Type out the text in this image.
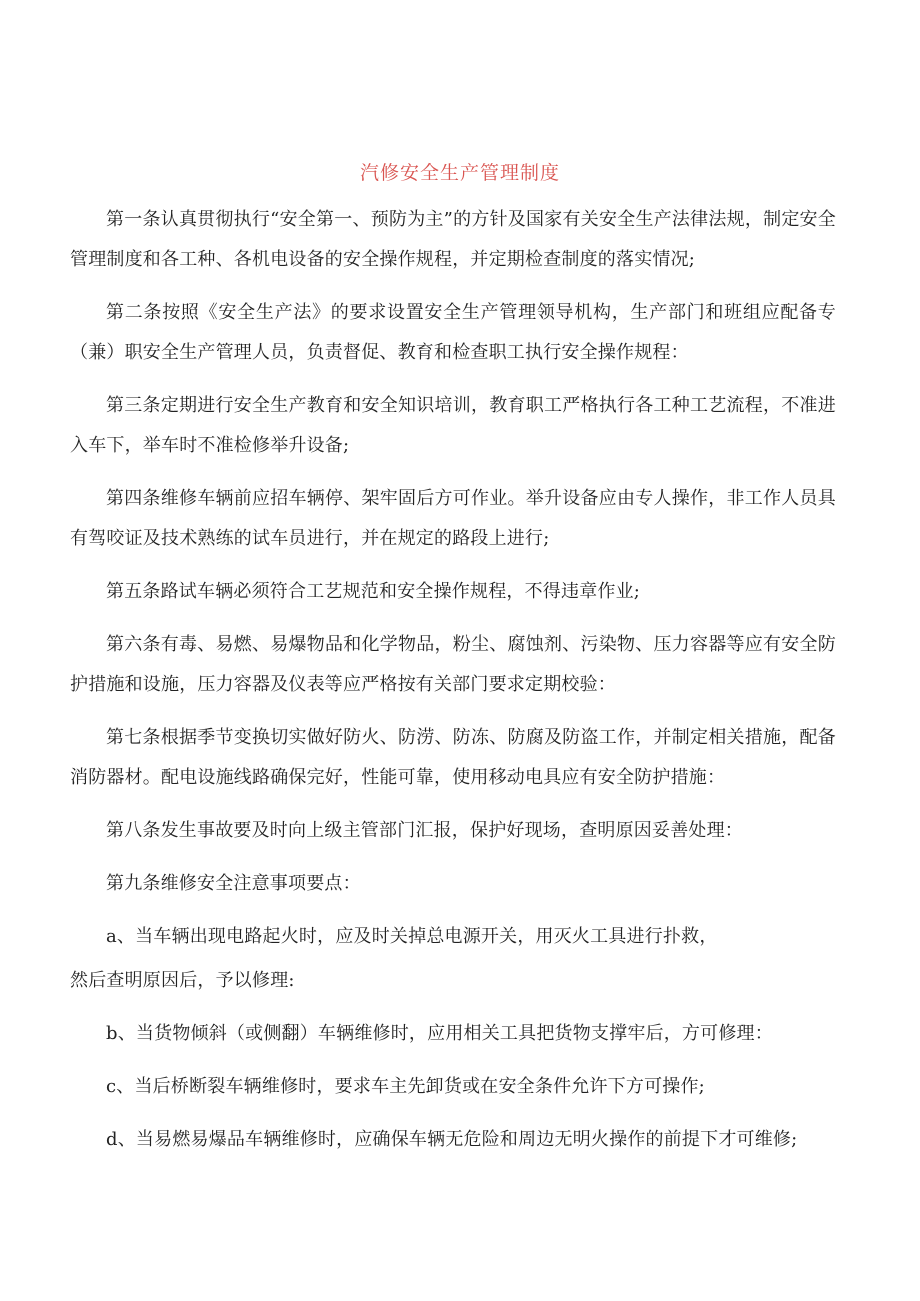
汽修安全生产管理制度

第一条认真贯彻执行“安全第一、预防为主”的方针及国家有关安全生产法律法规，制定安全管理制度和各工种、各机电设备的安全操作规程，并定期检查制度的落实情况;

第二条按照《安全生产法》的要求设置安全生产管理领导机构，生产部门和班组应配备专（兼）职安全生产管理人员，负责督促、教育和检查职工执行安全操作规程：

第三条定期进行安全生产教育和安全知识培训，教育职工严格执行各工种工艺流程，不准进入车下，举车时不准检修举升设备;

第四条维修车辆前应招车辆停、架牢固后方可作业。举升设备应由专人操作，非工作人员具有驾咬证及技术熟练的试车员进行，并在规定的路段上进行;

第五条路试车辆必须符合工艺规范和安全操作规程，不得违章作业;

第六条有毒、易燃、易爆物品和化学物品，粉尘、腐蚀剂、污染物、压力容器等应有安全防护措施和设施，压力容器及仪表等应严格按有关部门要求定期校验：

第七条根据季节变换切实做好防火、防涝、防冻、防腐及防盗工作，并制定相关措施，配备消防器材。配电设施线路确保完好，性能可靠，使用移动电具应有安全防护措施：

第八条发生事故要及时向上级主管部门汇报，保护好现场，查明原因妥善处理：

第九条维修安全注意事项要点：

a、当车辆出现电路起火时，应及时关掉总电源开关，用灭火工具进行扑救，

然后查明原因后，予以修理:

b、当货物倾斜（或侧翻）车辆维修时，应用相关工具把货物支撑牢后，方可修理：

c、当后桥断裂车辆维修时，要求车主先卸货或在安全条件允许下方可操作;

d、当易燃易爆品车辆维修时，应确保车辆无危险和周边无明火操作的前提下才可维修;
